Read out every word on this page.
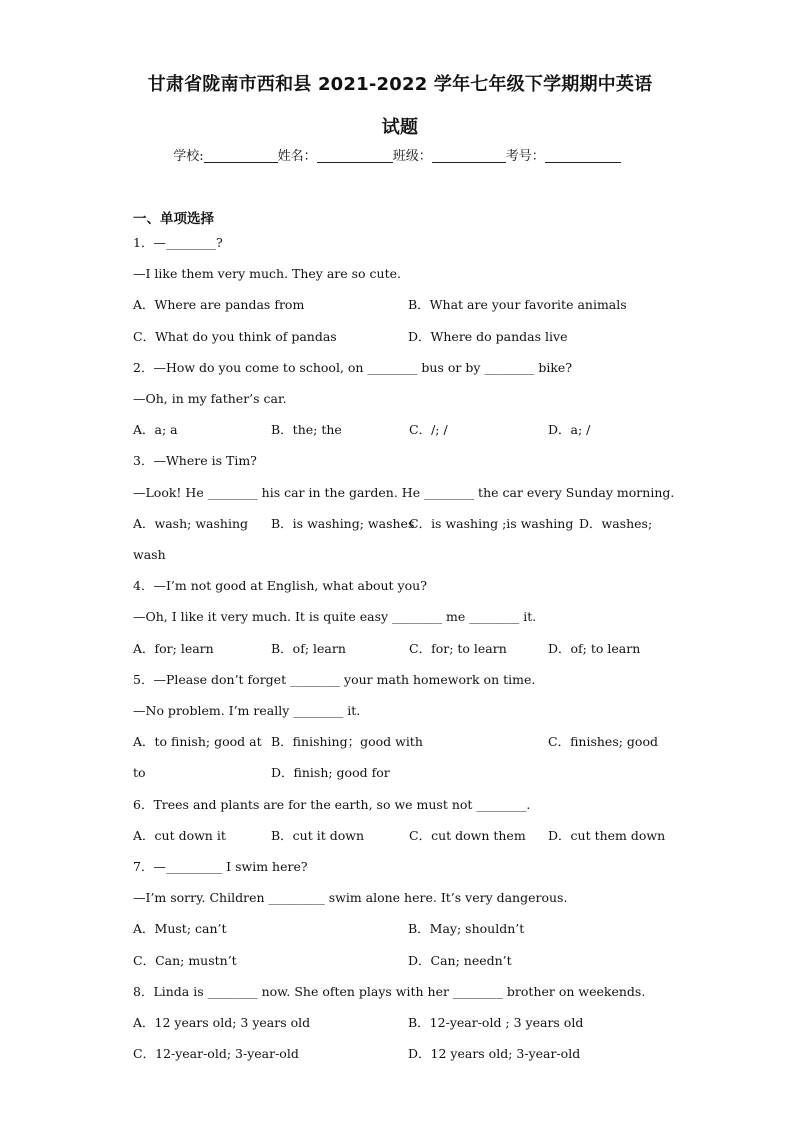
甘肃省陇南市西和县 2021-2022 学年七年级下学期期中英语
试题
学校:	姓名：	班级：	考号：
一、单项选择
1．—________?
—I like them very much. They are so cute.
A．Where are pandas from	B．What are your favorite animals
C．What do you think of pandas	D．Where do pandas live
2．—How do you come to school, on ________ bus or by ________ bike?
—Oh, in my father’s car.
A．a; a	B．the; the	C．/; /	D．a; /
3．—Where is Tim?
—Look! He ________ his car in the garden. He ________ the car every Sunday morning.
A．wash; washing B．is washing; washes
C．is washing ;is washing D．washes;
wash
4．—I’m not good at English, what about you?
—Oh, I like it very much. It is quite easy ________ me ________ it.
A．for; learn	B．of; learn	C．for; to learn	D．of; to learn
5．—Please don’t forget ________ your math homework on time.
—No problem. I’m really ________ it.
A．to finish; good at B．finishing；good with	C．finishes; good
to	D．finish; good for
6．Trees and plants are for the earth, so we must not ________.
A．cut down it	B．cut it down	C．cut down them D．cut them down
7．—_________ I swim here?
—I’m sorry. Children _________ swim alone here. It’s very dangerous.
A．Must; can’t	B．May; shouldn’t
C．Can; mustn’t	D．Can; needn’t
8．Linda is ________ now. She often plays with her ________ brother on weekends.
A．12 years old; 3 years old	B．12-year-old ; 3 years old
C．12-year-old; 3-year-old	D．12 years old; 3-year-old
